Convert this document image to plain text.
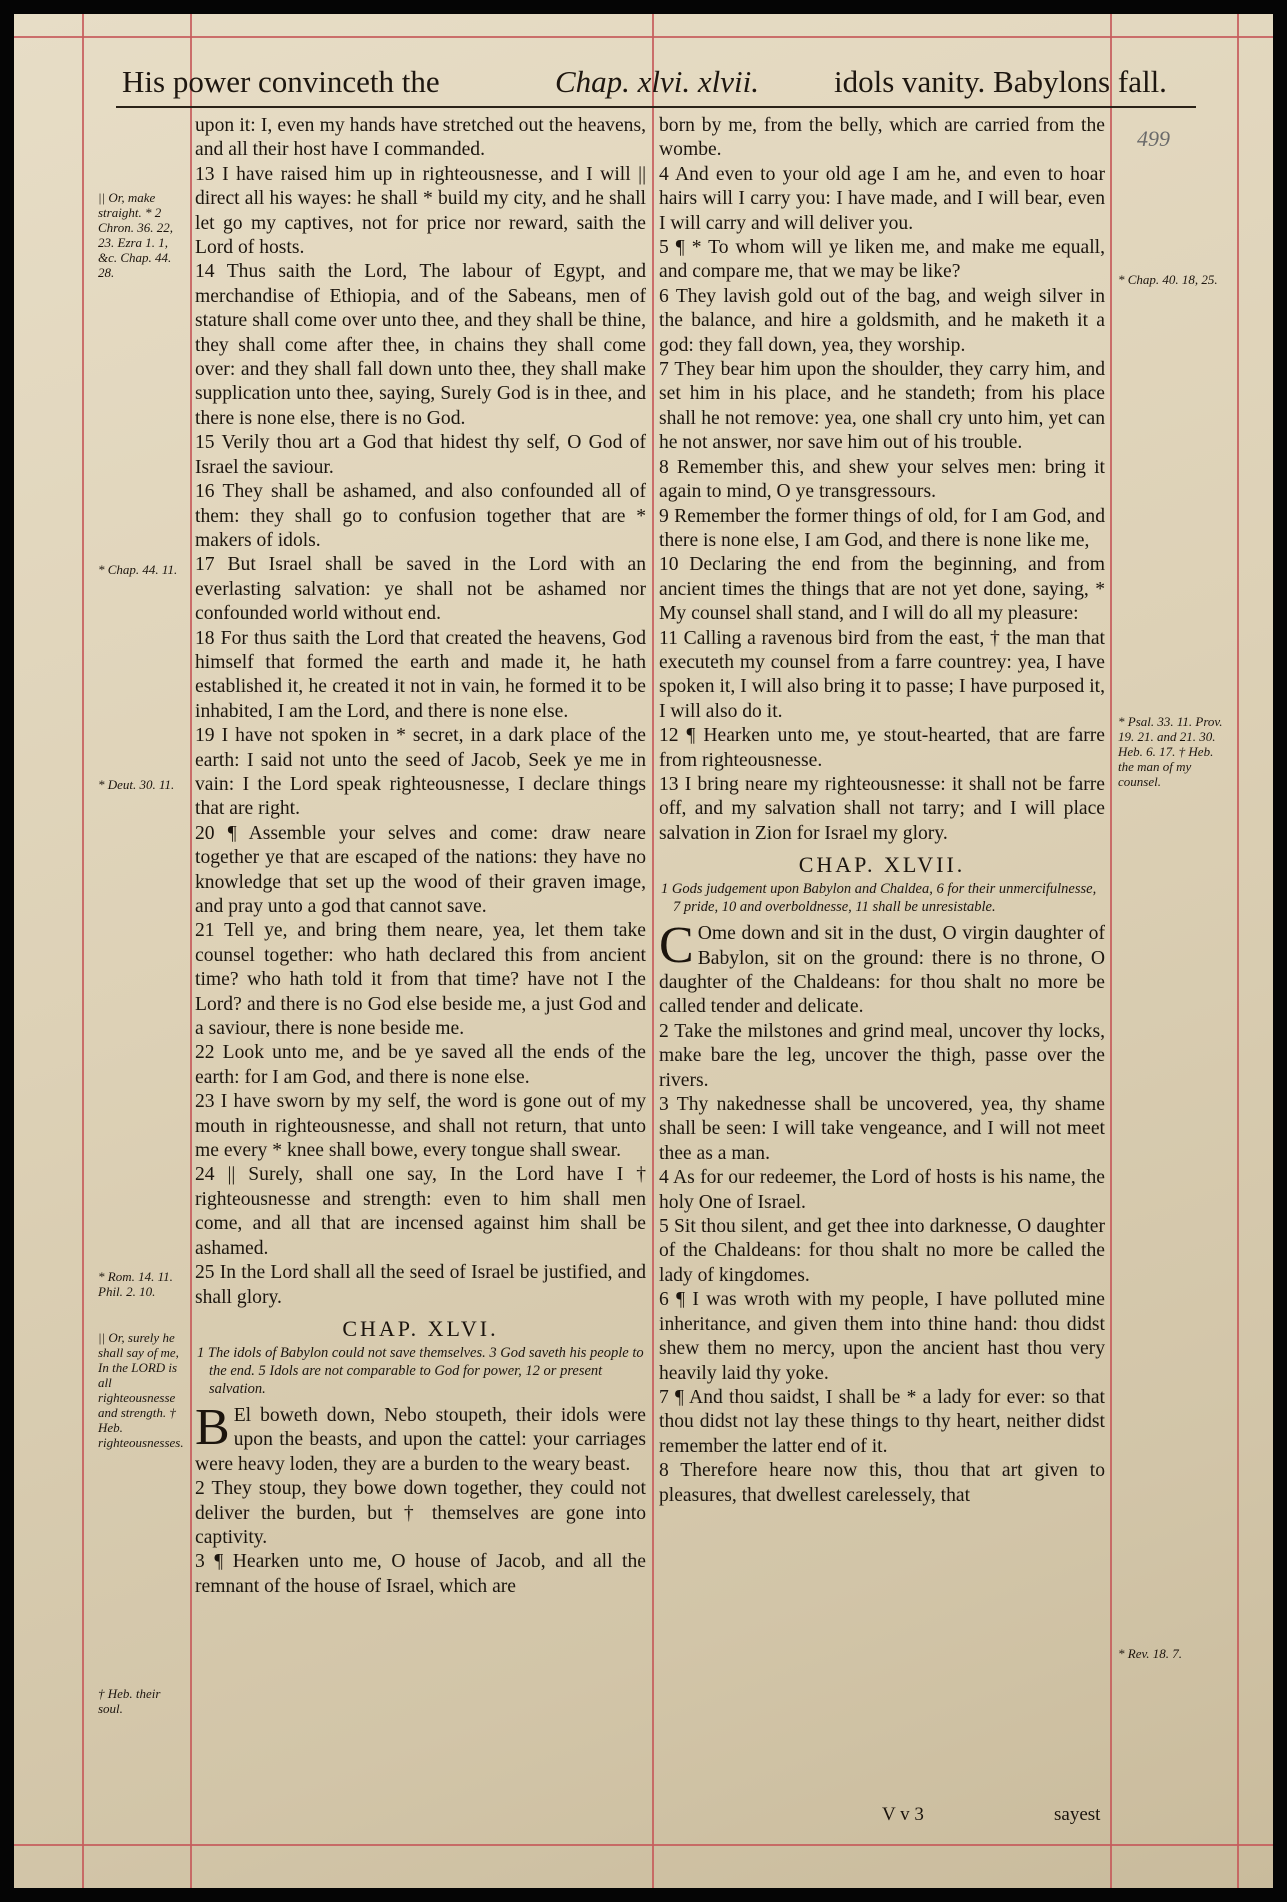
His power convinceth the	Chap. xlvi. xlvii. idols vanity. Babylons fall.
499
|| Or, make straight. * 2 Chron. 36. 22, 23. Ezra 1. 1, &c. Chap. 44. 28.
* Chap. 44. 11.
* Deut. 30. 11.
* Rom. 14. 11. Phil. 2. 10.
|| Or, surely he shall say of me, In the LORD is all righteousnesse and strength. † Heb. righteousnesses.
† Heb. their soul.
* Chap. 40. 18, 25.
* Psal. 33. 11. Prov. 19. 21. and 21. 30. Heb. 6. 17. † Heb. the man of my counsel.
* Rev. 18. 7.
upon it: I, even my hands have stretched out the heavens, and all their host have I commanded.
13 I have raised him up in righteousnesse, and I will || direct all his wayes: he shall * build my city, and he shall let go my captives, not for price nor reward, saith the Lord of hosts.
14 Thus saith the Lord, The labour of Egypt, and merchandise of Ethiopia, and of the Sabeans, men of stature shall come over unto thee, and they shall be thine, they shall come after thee, in chains they shall come over: and they shall fall down unto thee, they shall make supplication unto thee, saying, Surely God is in thee, and there is none else, there is no God.
15 Verily thou art a God that hidest thy self, O God of Israel the saviour.
16 They shall be ashamed, and also confounded all of them: they shall go to confusion together that are * makers of idols.
17 But Israel shall be saved in the Lord with an everlasting salvation: ye shall not be ashamed nor confounded world without end.
18 For thus saith the Lord that created the heavens, God himself that formed the earth and made it, he hath established it, he created it not in vain, he formed it to be inhabited, I am the Lord, and there is none else.
19 I have not spoken in * secret, in a dark place of the earth: I said not unto the seed of Jacob, Seek ye me in vain: I the Lord speak righteousnesse, I declare things that are right.
20 ¶ Assemble your selves and come: draw neare together ye that are escaped of the nations: they have no knowledge that set up the wood of their graven image, and pray unto a god that cannot save.
21 Tell ye, and bring them neare, yea, let them take counsel together: who hath declared this from ancient time? who hath told it from that time? have not I the Lord? and there is no God else beside me, a just God and a saviour, there is none beside me.
22 Look unto me, and be ye saved all the ends of the earth: for I am God, and there is none else.
23 I have sworn by my self, the word is gone out of my mouth in righteousnesse, and shall not return, that unto me every * knee shall bowe, every tongue shall swear.
24 || Surely, shall one say, In the Lord have I † righteousnesse and strength: even to him shall men come, and all that are incensed against him shall be ashamed.
25 In the Lord shall all the seed of Israel be justified, and shall glory.
CHAP. XLVI.
1 The idols of Babylon could not save themselves. 3 God saveth his people to the end. 5 Idols are not comparable to God for power, 12 or present salvation.
B El boweth down, Nebo stoupeth, their idols were upon the beasts, and upon the cattel: your carriages were heavy loden, they are a burden to the weary beast.
2 They stoup, they bowe down together, they could not deliver the burden, but † themselves are gone into captivity.
3 ¶ Hearken unto me, O house of Jacob, and all the remnant of the house of Israel, which are
born by me, from the belly, which are carried from the wombe.
4 And even to your old age I am he, and even to hoar hairs will I carry you: I have made, and I will bear, even I will carry and will deliver you.
5 ¶ * To whom will ye liken me, and make me equall, and compare me, that we may be like?
6 They lavish gold out of the bag, and weigh silver in the balance, and hire a goldsmith, and he maketh it a god: they fall down, yea, they worship.
7 They bear him upon the shoulder, they carry him, and set him in his place, and he standeth; from his place shall he not remove: yea, one shall cry unto him, yet can he not answer, nor save him out of his trouble.
8 Remember this, and shew your selves men: bring it again to mind, O ye transgressours.
9 Remember the former things of old, for I am God, and there is none else, I am God, and there is none like me,
10 Declaring the end from the beginning, and from ancient times the things that are not yet done, saying, * My counsel shall stand, and I will do all my pleasure:
11 Calling a ravenous bird from the east, † the man that executeth my counsel from a farre countrey: yea, I have spoken it, I will also bring it to passe; I have purposed it, I will also do it.
12 ¶ Hearken unto me, ye stout-hearted, that are farre from righteousnesse.
13 I bring neare my righteousnesse: it shall not be farre off, and my salvation shall not tarry; and I will place salvation in Zion for Israel my glory.
CHAP. XLVII.
1 Gods judgement upon Babylon and Chaldea, 6 for their unmercifulnesse, 7 pride, 10 and overboldnesse, 11 shall be unresistable.
C Ome down and sit in the dust, O virgin daughter of Babylon, sit on the ground: there is no throne, O daughter of the Chaldeans: for thou shalt no more be called tender and delicate.
2 Take the milstones and grind meal, uncover thy locks, make bare the leg, uncover the thigh, passe over the rivers.
3 Thy nakednesse shall be uncovered, yea, thy shame shall be seen: I will take vengeance, and I will not meet thee as a man.
4 As for our redeemer, the Lord of hosts is his name, the holy One of Israel.
5 Sit thou silent, and get thee into darknesse, O daughter of the Chaldeans: for thou shalt no more be called the lady of kingdomes.
6 ¶ I was wroth with my people, I have polluted mine inheritance, and given them into thine hand: thou didst shew them no mercy, upon the ancient hast thou very heavily laid thy yoke.
7 ¶ And thou saidst, I shall be * a lady for ever: so that thou didst not lay these things to thy heart, neither didst remember the latter end of it.
8 Therefore heare now this, thou that art given to pleasures, that dwellest carelessely, that
V v 3	sayest
